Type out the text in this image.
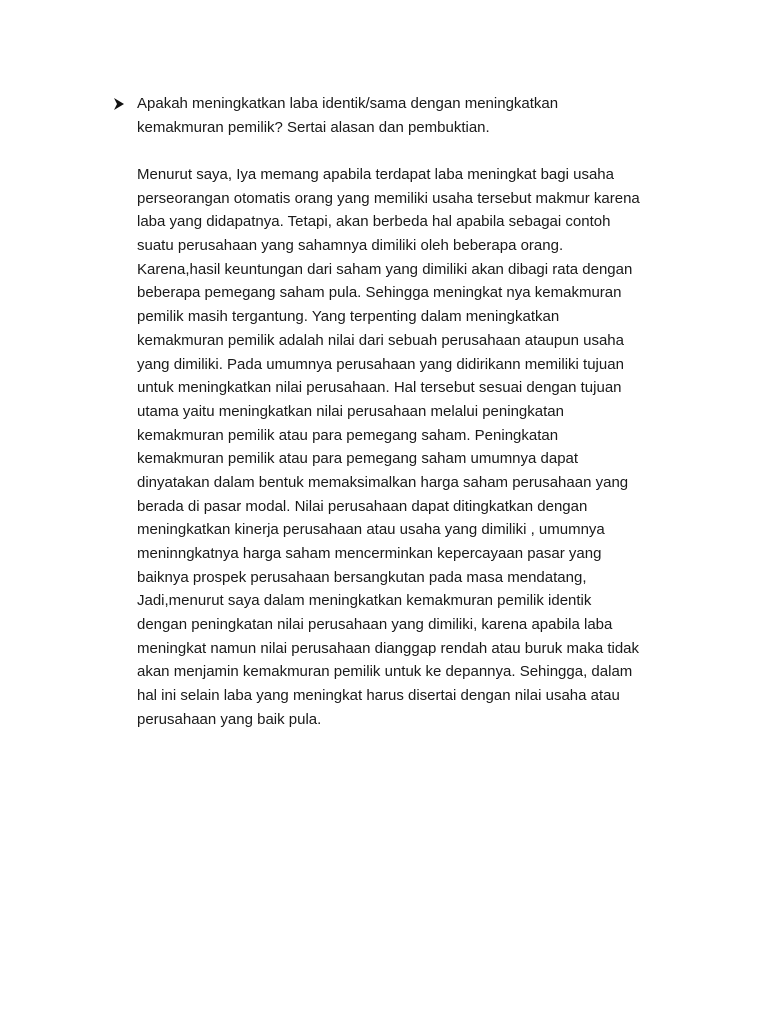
Apakah meningkatkan laba identik/sama dengan meningkatkan
kemakmuran pemilik? Sertai alasan dan pembuktian.
Menurut saya, Iya memang apabila terdapat laba meningkat bagi usaha
perseorangan otomatis orang yang memiliki usaha tersebut makmur karena
laba yang didapatnya. Tetapi, akan berbeda hal apabila sebagai contoh
suatu perusahaan yang sahamnya dimiliki oleh beberapa orang.
Karena,hasil keuntungan dari saham yang dimiliki akan dibagi rata dengan
beberapa pemegang saham pula. Sehingga meningkat nya kemakmuran
pemilik masih tergantung. Yang terpenting dalam meningkatkan
kemakmuran pemilik adalah nilai dari sebuah perusahaan ataupun usaha
yang dimiliki. Pada umumnya perusahaan yang didirikann memiliki tujuan
untuk meningkatkan nilai perusahaan. Hal tersebut sesuai dengan tujuan
utama yaitu meningkatkan nilai perusahaan melalui peningkatan
kemakmuran pemilik atau para pemegang saham. Peningkatan
kemakmuran pemilik atau para pemegang saham umumnya dapat
dinyatakan dalam bentuk memaksimalkan harga saham perusahaan yang
berada di pasar modal. Nilai perusahaan dapat ditingkatkan dengan
meningkatkan kinerja perusahaan atau usaha yang dimiliki , umumnya
meninngkatnya harga saham mencerminkan kepercayaan pasar yang
baiknya prospek perusahaan bersangkutan pada masa mendatang,
Jadi,menurut saya dalam meningkatkan kemakmuran pemilik identik
dengan peningkatan nilai perusahaan yang dimiliki, karena apabila laba
meningkat namun nilai perusahaan dianggap rendah atau buruk maka tidak
akan menjamin kemakmuran pemilik untuk ke depannya. Sehingga, dalam
hal ini selain laba yang meningkat harus disertai dengan nilai usaha atau
perusahaan yang baik pula.
